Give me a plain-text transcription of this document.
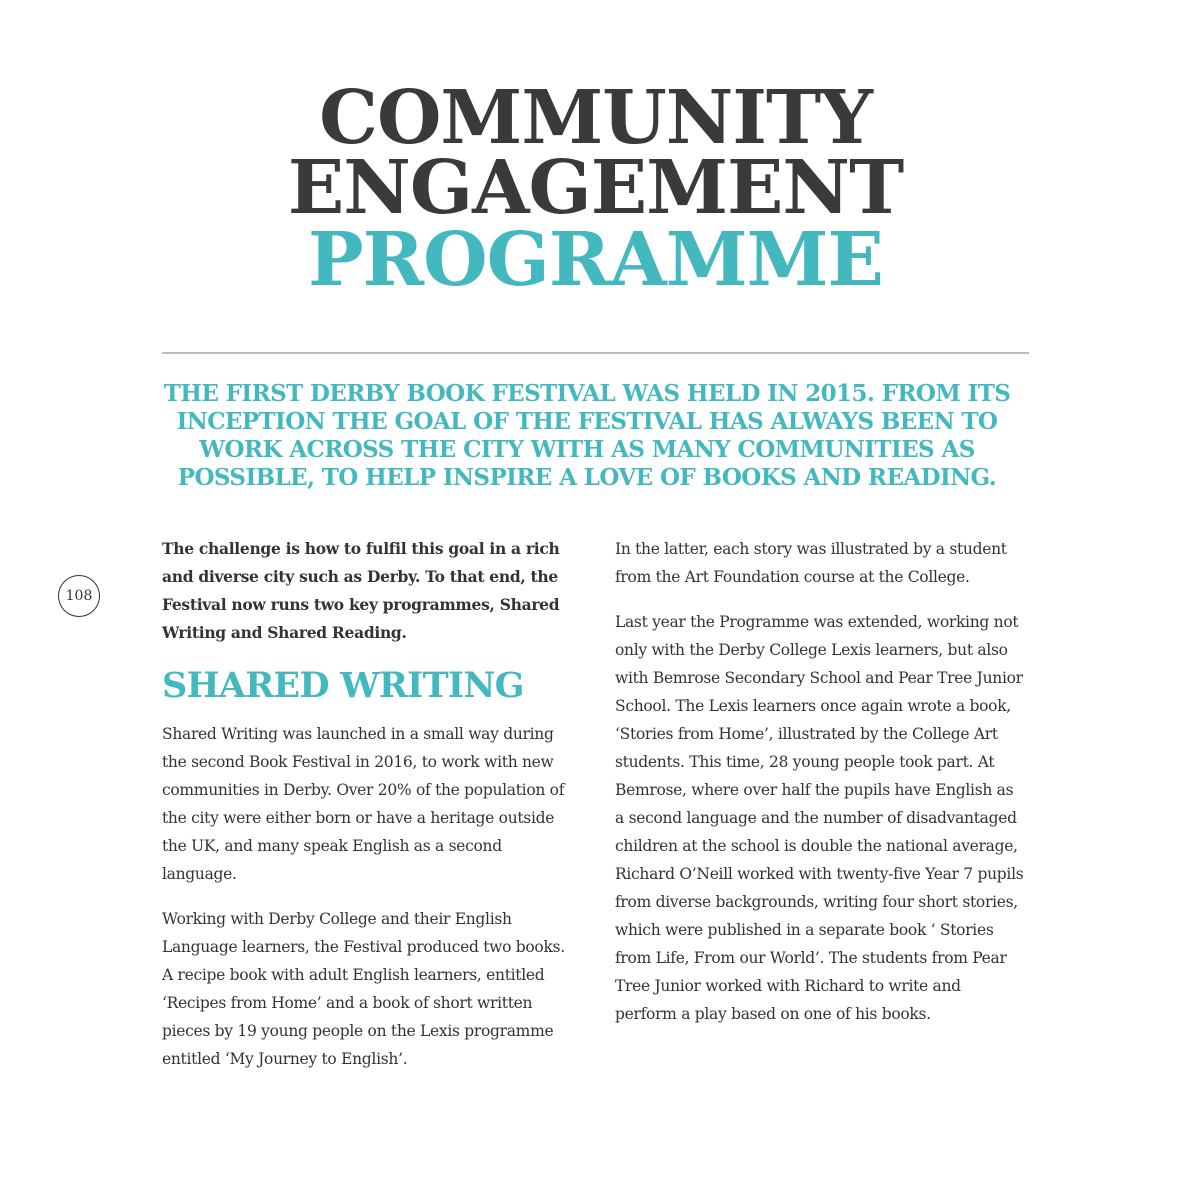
COMMUNITY
ENGAGEMENT
PROGRAMME
THE FIRST DERBY BOOK FESTIVAL WAS HELD IN 2015. FROM ITS INCEPTION THE GOAL OF THE FESTIVAL HAS ALWAYS BEEN TO WORK ACROSS THE CITY WITH AS MANY COMMUNITIES AS POSSIBLE, TO HELP INSPIRE A LOVE OF BOOKS AND READING.
108

The challenge is how to fulfil this goal in a rich and diverse city such as Derby. To that end, the Festival now runs two key programmes, Shared Writing and Shared Reading.

SHARED WRITING

Shared Writing was launched in a small way during the second Book Festival in 2016, to work with new communities in Derby. Over 20% of the population of the city were either born or have a heritage outside the UK, and many speak English as a second language.

Working with Derby College and their English Language learners, the Festival produced two books. A recipe book with adult English learners, entitled ‘Recipes from Home’ and a book of short written pieces by 19 young people on the Lexis programme entitled ‘My Journey to English’.

In the latter, each story was illustrated by a student from the Art Foundation course at the College.

Last year the Programme was extended, working not only with the Derby College Lexis learners, but also with Bemrose Secondary School and Pear Tree Junior School. The Lexis learners once again wrote a book, ‘Stories from Home’, illustrated by the College Art students. This time, 28 young people took part. At Bemrose, where over half the pupils have English as a second language and the number of disadvantaged children at the school is double the national average, Richard O’Neill worked with twenty-five Year 7 pupils from diverse backgrounds, writing four short stories, which were published in a separate book ‘ Stories from Life, From our World’. The students from Pear Tree Junior worked with Richard to write and perform a play based on one of his books.
